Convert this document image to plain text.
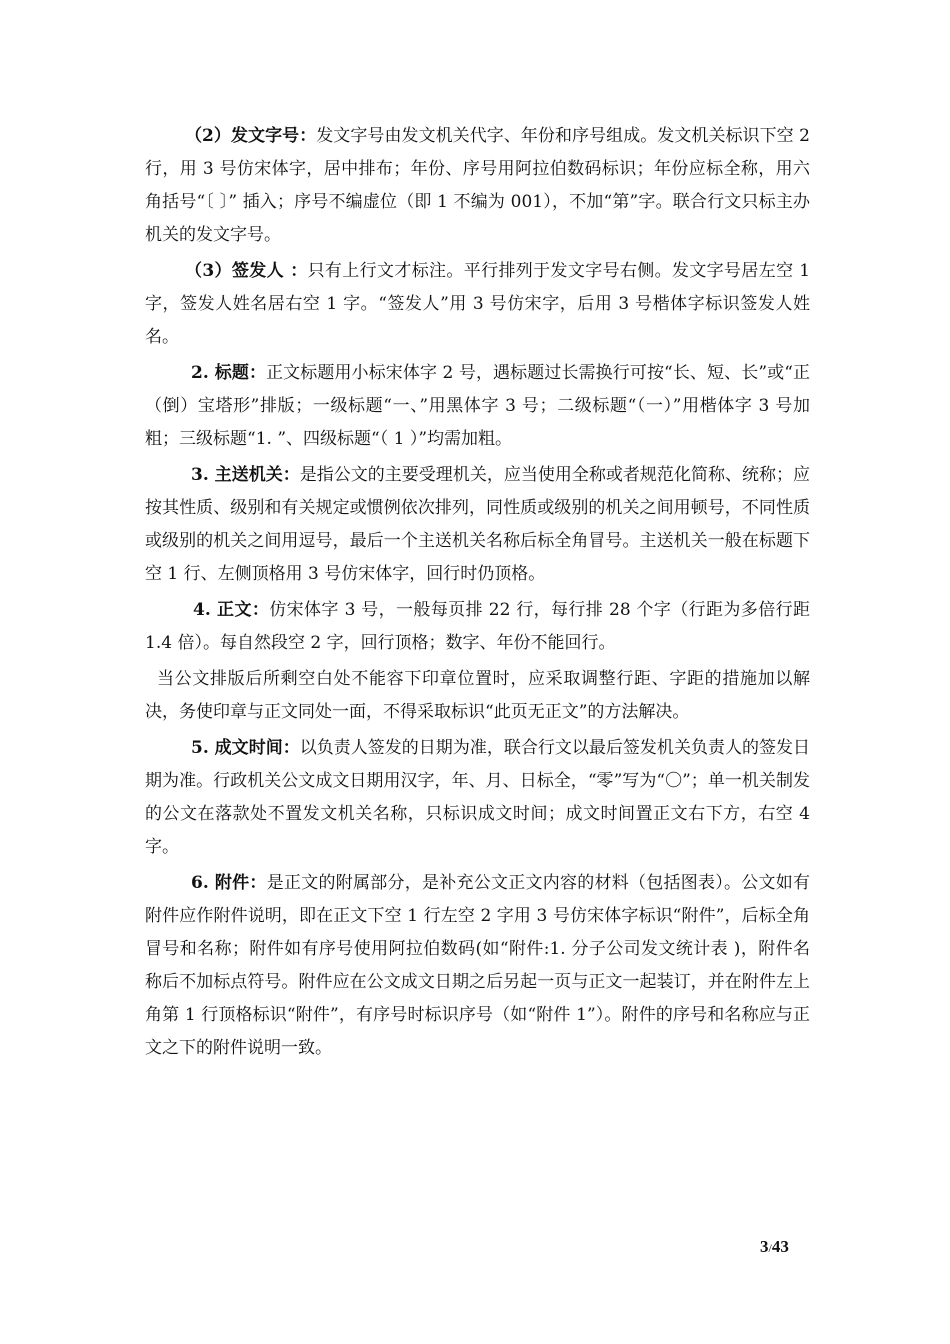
（2）发文字号：发文字号由发文机关代字、年份和序号组成。发文机关标识下空 2 行，用 3 号仿宋体字，居中排布；年份、序号用阿拉伯数码标识；年份应标全称，用六角括号“〔 〕” 插入；序号不编虚位（即 1 不编为 001），不加“第”字。联合行文只标主办机关的发文字号。

（3）签发人 ：只有上行文才标注。平行排列于发文字号右侧。发文字号居左空 1 字，签发人姓名居右空 1 字。“签发人”用 3 号仿宋字，后用 3 号楷体字标识签发人姓名。

2. 标题：正文标题用小标宋体字 2 号，遇标题过长需换行可按“长、短、长”或“正（倒）宝塔形”排版；一级标题“一、”用黑体字 3 号；二级标题“（一）”用楷体字 3 号加粗；三级标题“1. ”、四级标题“（ 1 ）”均需加粗。

3. 主送机关：是指公文的主要受理机关，应当使用全称或者规范化简称、统称；应按其性质、级别和有关规定或惯例依次排列，同性质或级别的机关之间用顿号，不同性质或级别的机关之间用逗号，最后一个主送机关名称后标全角冒号。主送机关一般在标题下空 1 行、左侧顶格用 3 号仿宋体字，回行时仍顶格。

4. 正文：仿宋体字 3 号，一般每页排 22 行，每行排 28 个字（行距为多倍行距 1.4 倍）。每自然段空 2 字，回行顶格；数字、年份不能回行。

当公文排版后所剩空白处不能容下印章位置时，应采取调整行距、字距的措施加以解决，务使印章与正文同处一面，不得采取标识“此页无正文”的方法解决。

5. 成文时间：以负责人签发的日期为准，联合行文以最后签发机关负责人的签发日期为准。行政机关公文成文日期用汉字，年、月、日标全，“零”写为“〇”；单一机关制发的公文在落款处不置发文机关名称，只标识成文时间；成文时间置正文右下方，右空 4 字。

6. 附件：是正文的附属部分，是补充公文正文内容的材料（包括图表）。公文如有附件应作附件说明，即在正文下空 1 行左空 2 字用 3 号仿宋体字标识“附件”，后标全角冒号和名称；附件如有序号使用阿拉伯数码(如“附件:1. 分子公司发文统计表 )，附件名称后不加标点符号。附件应在公文成文日期之后另起一页与正文一起装订，并在附件左上角第 1 行顶格标识“附件”，有序号时标识序号（如“附件 1”）。附件的序号和名称应与正文之下的附件说明一致。

3/43
